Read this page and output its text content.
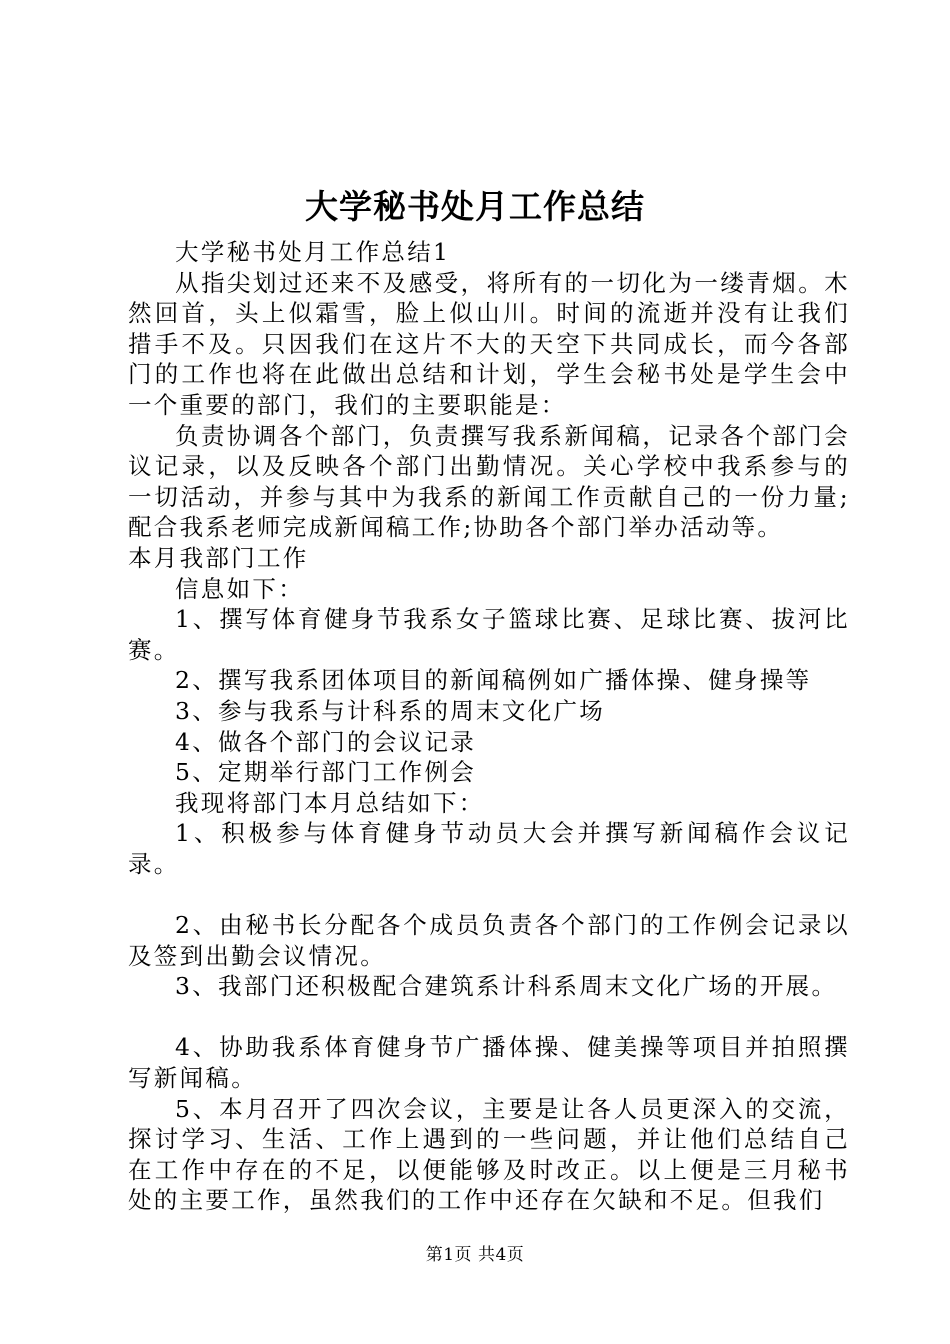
大学秘书处月工作总结

大学秘书处月工作总结1

从指尖划过还来不及感受，将所有的一切化为一缕青烟。木然回首，头上似霜雪，脸上似山川。时间的流逝并没有让我们措手不及。只因我们在这片不大的天空下共同成长，而今各部门的工作也将在此做出总结和计划，学生会秘书处是学生会中一个重要的部门，我们的主要职能是：

负责协调各个部门，负责撰写我系新闻稿，记录各个部门会议记录，以及反映各个部门出勤情况。关心学校中我系参与的一切活动，并参与其中为我系的新闻工作贡献自己的一份力量;配合我系老师完成新闻稿工作;协助各个部门举办活动等。

本月我部门工作

信息如下：

1、撰写体育健身节我系女子篮球比赛、足球比赛、拔河比赛。

2、撰写我系团体项目的新闻稿例如广播体操、健身操等

3、参与我系与计科系的周末文化广场

4、做各个部门的会议记录

5、定期举行部门工作例会

我现将部门本月总结如下：

1、积极参与体育健身节动员大会并撰写新闻稿作会议记录。

2、由秘书长分配各个成员负责各个部门的工作例会记录以及签到出勤会议情况。

3、我部门还积极配合建筑系计科系周末文化广场的开展。

4、协助我系体育健身节广播体操、健美操等项目并拍照撰写新闻稿。

5、本月召开了四次会议，主要是让各人员更深入的交流，探讨学习、生活、工作上遇到的一些问题，并让他们总结自己在工作中存在的不足，以便能够及时改正。以上便是三月秘书处的主要工作，虽然我们的工作中还存在欠缺和不足。但我们

第1页 共4页
